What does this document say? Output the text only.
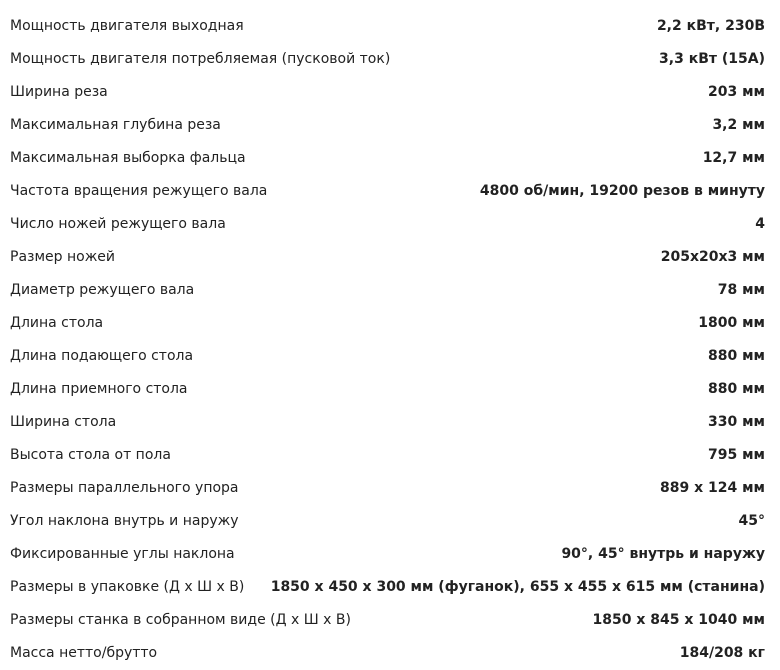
Мощность двигателя выходная	2,2 кВт, 230В
Мощность двигателя потребляемая (пусковой ток)	3,3 кВт (15А)
Ширина реза	203 мм
Максимальная глубина реза	3,2 мм
Максимальная выборка фальца	12,7 мм
Частота вращения режущего вала	4800 об/мин, 19200 резов в минуту
Число ножей режущего вала	4
Размер ножей	205x20x3 мм
Диаметр режущего вала	78 мм
Длина стола	1800 мм
Длина подающего стола	880 мм
Длина приемного стола	880 мм
Ширина стола	330 мм
Высота стола от пола	795 мм
Размеры параллельного упора	889 x 124 мм
Угол наклона внутрь и наружу	45°
Фиксированные углы наклона	90°, 45° внутрь и наружу
Размеры в упаковке (Д x Ш x В) 1850 x 450 x 300 мм (фуганок), 655 x 455 x 615 мм (станина)
Размеры станка в собранном виде (Д x Ш x В)	1850 x 845 x 1040 мм
Масса нетто/брутто	184/208 кг
